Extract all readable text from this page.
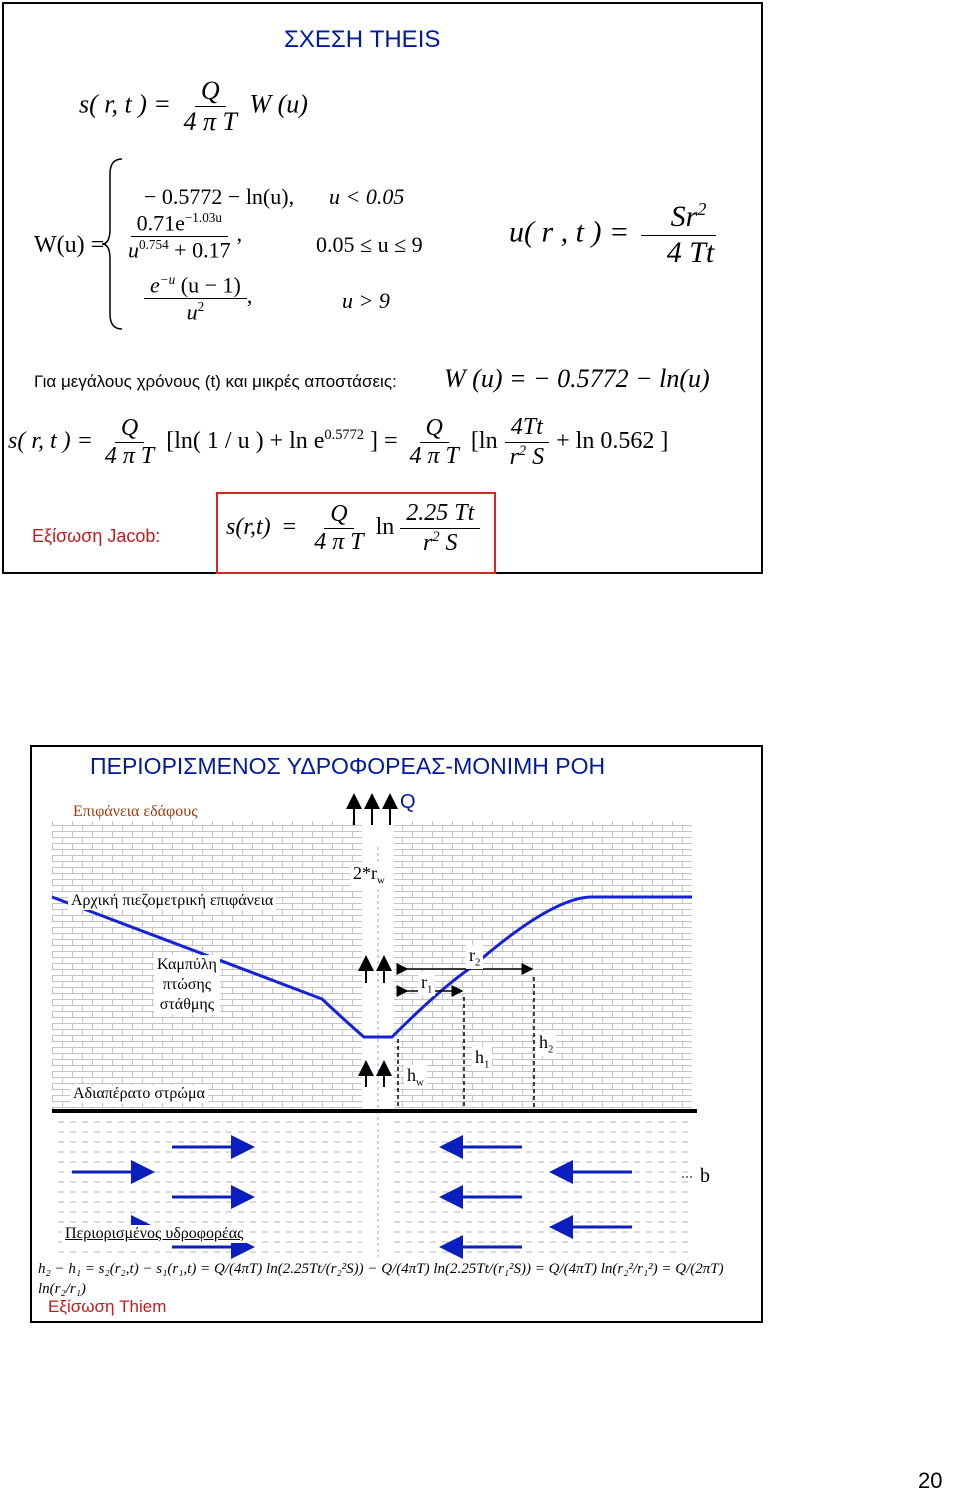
ΣΧΕΣΗ THEIS
s( r, t ) = $\frac{Q}{\text{4 π T}}$ W (u)
W(u) =
− 0.5772 − ln(u), u < 0.05
$\frac{0.71e^{-1.03u}}{u^{0.754} + 0.17}$ ,	0.05 ≤ u ≤ 9
$\frac{e^{-u} (u - 1)}{u^2}$ ,	u > 9
u( r , t ) = $\frac{Sr^2}{4 Tt}$
Για μεγάλους χρόνους (t) και μικρές αποστάσεις: W (u) = − 0.5772 − ln(u)
s( r, t ) = $\frac{Q}{\text{4 π T}} [\ln$( 1 / u ) + $\ln e^{0.5772}$ ] = $\frac{Q}{\text{4 π T}} [\ln \frac{4Tt}{r^2 S} + \ln 0.562$ ]
Εξίσωση Jacob:	$s(r,t) = \frac{Q}{\text{4 π T}}$ $\ln \frac{2.25 Tt}{r^2 S}$
ΠΕΡΙΟΡΙΣΜΕΝΟΣ ΥΔΡΟΦΟΡΕΑΣ-ΜΟΝΙΜΗ ΡΟΗ
Επιφάνεια εδάφους	Q
$2*r_w$
Αρχική πιεζομετρική επιφάνεια
Καμπύλη
πτώσης
στάθμης
$r_2$
$r_1$
$h_w$
$h_1$
$h_2$
Αδιαπέρατο στρώμα
b
Περιορισμένος υδροφορέας
h₂ − h₁ = s₂(r₂,t) − s₁(r₁,t) = Q/(4πT) ln(2.25Tt/(r₂²S)) − Q/(4πT) ln(2.25Tt/(r₁²S)) = Q/(4πT) ln(r₂²/r₁²) = Q/(2πT) ln(r₂/r₁)
Εξίσωση Thiem
20
